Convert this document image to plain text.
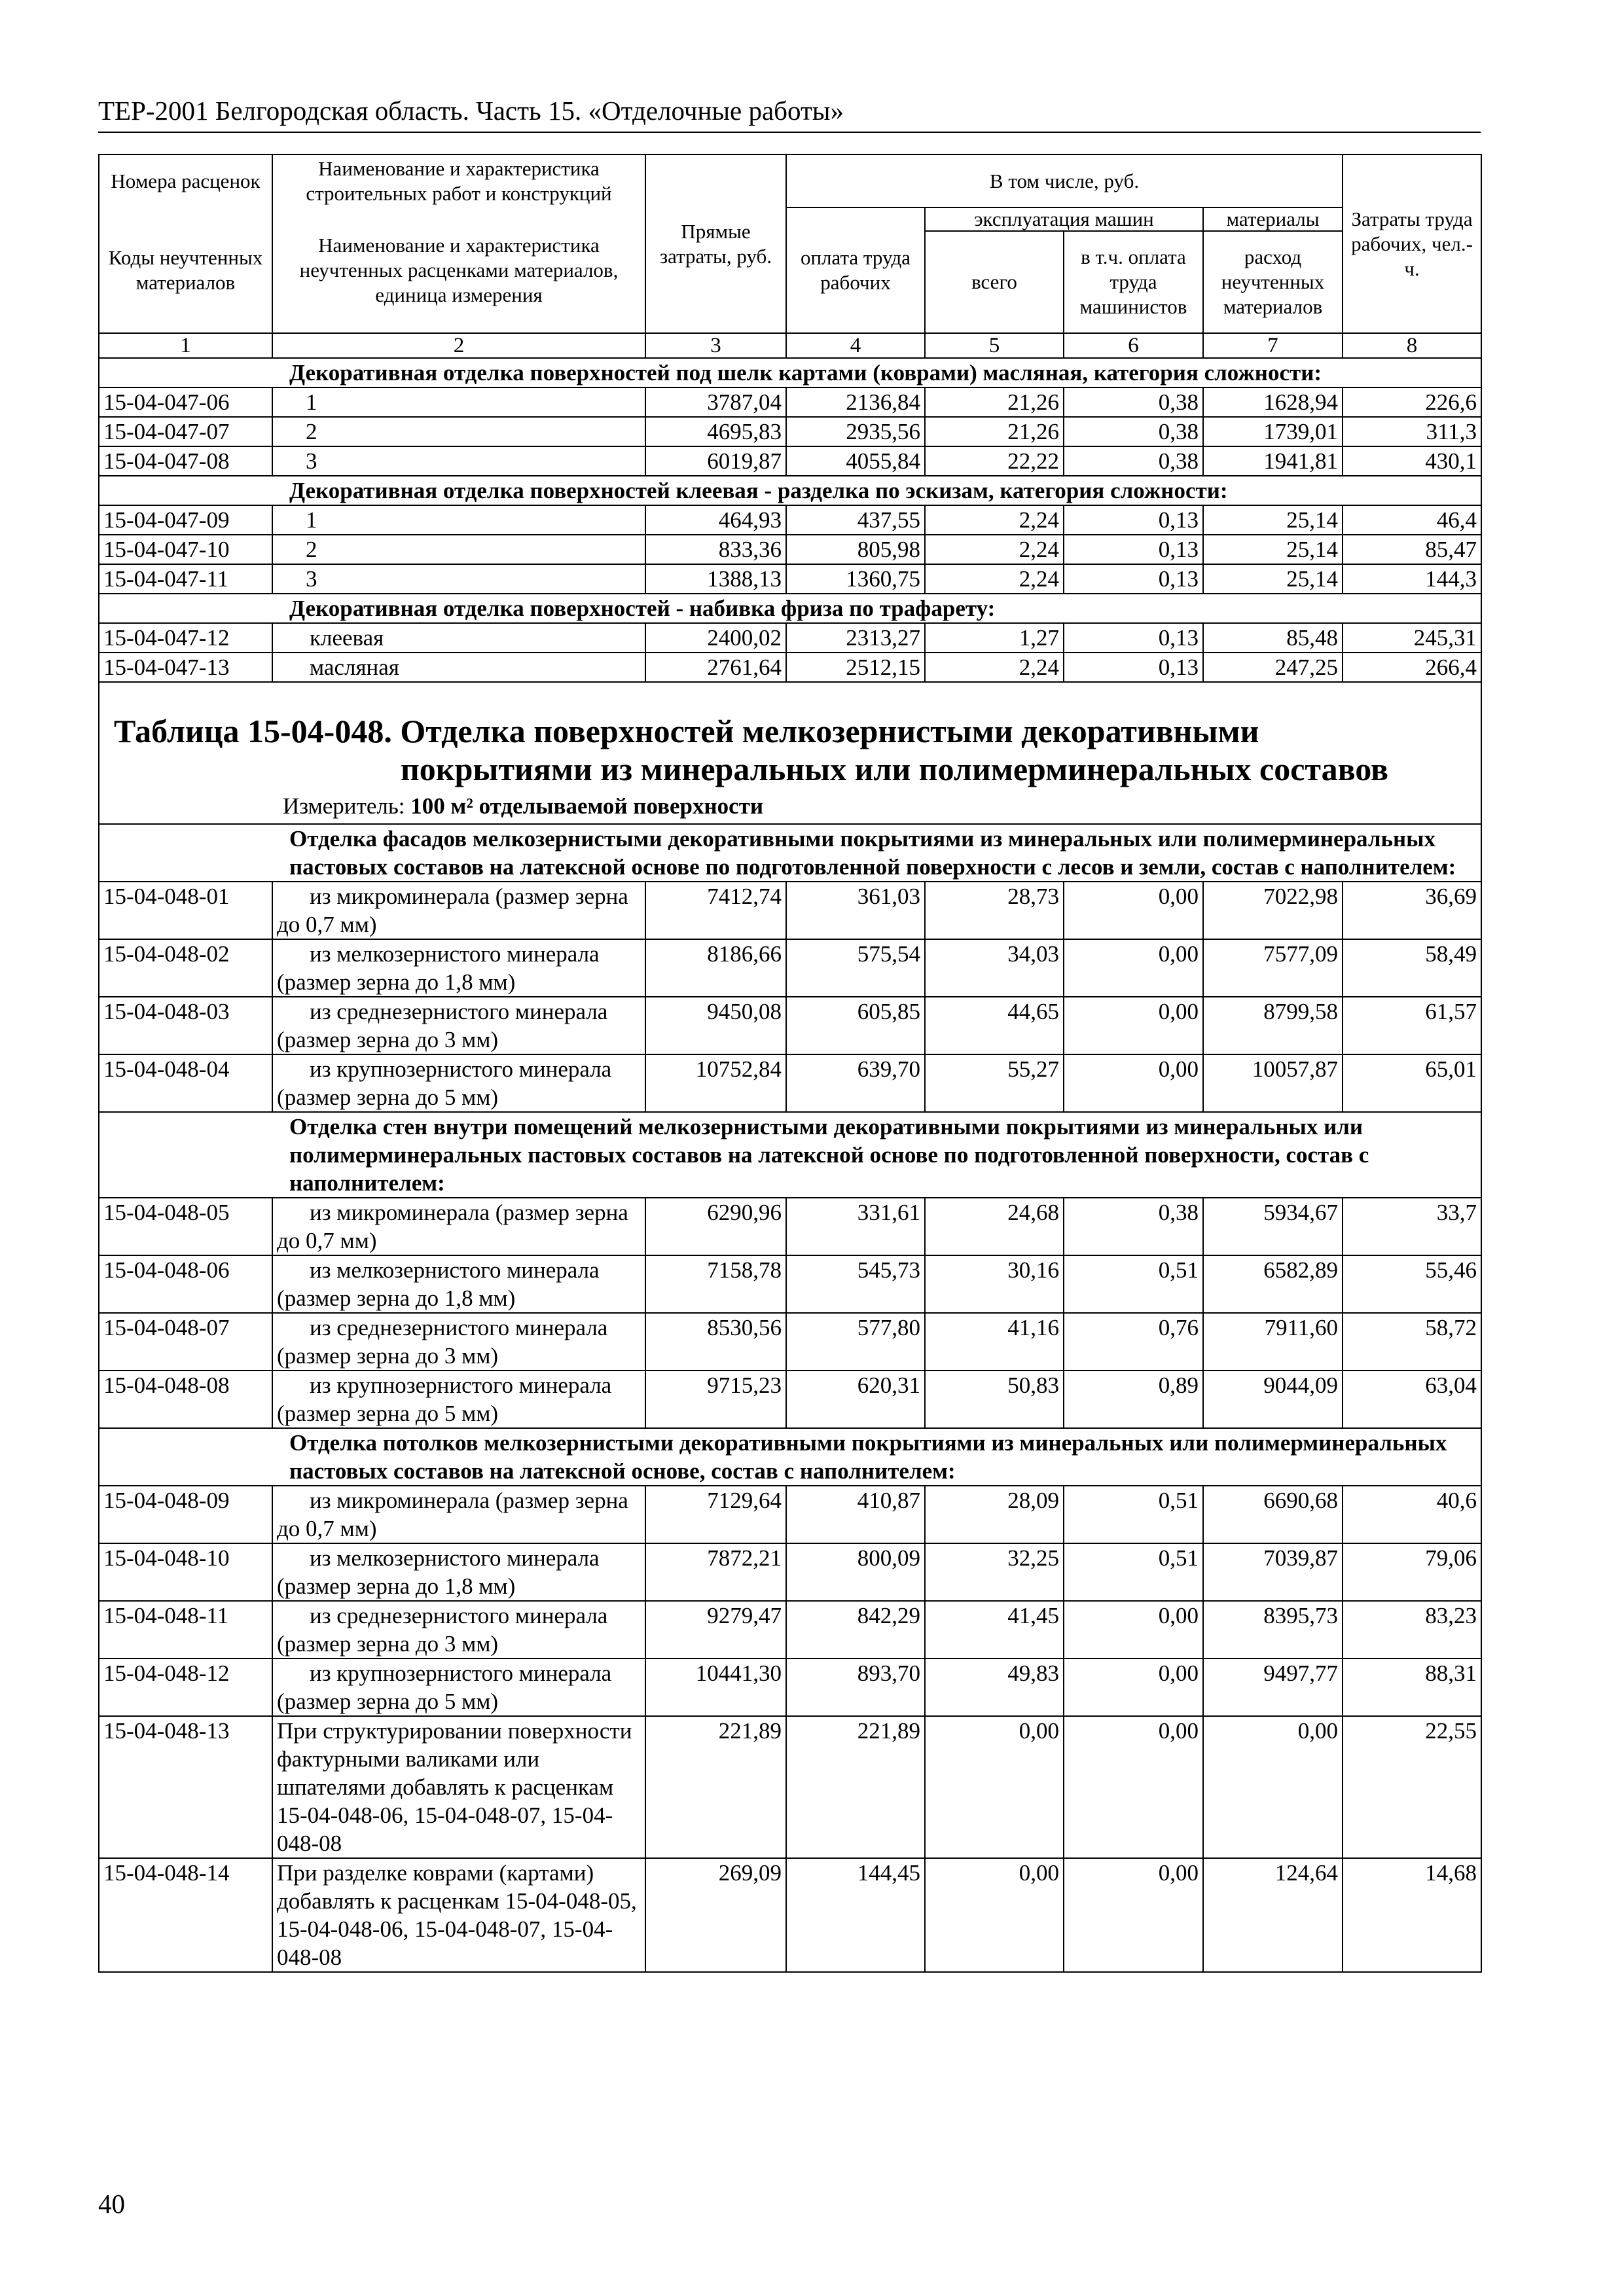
ТЕР-2001 Белгородская область. Часть 15. «Отделочные работы»
Номера расценок	Наименование и характеристика строительных работ и конструкций	Прямые затраты, руб.	В том числе, руб.				Затраты труда рабочих, чел.-ч.
Коды неучтенных материалов	Наименование и характеристика неучтенных расценками материалов, единица измерения		оплата труда рабочих	эксплуатация машин		материалы	
				всего	в т.ч. оплата труда машинистов	расход неучтенных материалов	
1	2	3	4	5	6	7	8
Декоративная отделка поверхностей под шелк картами (коврами) масляная, категория сложности:							
15-04-047-06	1	3787,04	2136,84	21,26	0,38	1628,94	226,6
15-04-047-07	2	4695,83	2935,56	21,26	0,38	1739,01	311,3
15-04-047-08	3	6019,87	4055,84	22,22	0,38	1941,81	430,1
Декоративная отделка поверхностей клеевая - разделка по эскизам, категория сложности:							
15-04-047-09	1	464,93	437,55	2,24	0,13	25,14	46,4
15-04-047-10	2	833,36	805,98	2,24	0,13	25,14	85,47
15-04-047-11	3	1388,13	1360,75	2,24	0,13	25,14	144,3
Декоративная отделка поверхностей - набивка фриза по трафарету:							
15-04-047-12	клеевая	2400,02	2313,27	1,27	0,13	85,48	245,31
15-04-047-13	масляная	2761,64	2512,15	2,24	0,13	247,25	266,4

Таблица 15-04-048. Отделка поверхностей мелкозернистыми декоративными
покрытиями из минеральных или полимерминеральных составов
Измеритель: 100 м² отделываемой поверхности							

Отделка фасадов мелкозернистыми декоративными покрытиями из минеральных или полимерминеральных пастовых составов на латексной основе по подготовленной поверхности с лесов и земли, состав с наполнителем:							
15-04-048-01	из микроминерала (размер зерна до 0,7 мм)	7412,74	361,03	28,73	0,00	7022,98	36,69
15-04-048-02	из мелкозернистого минерала (размер зерна до 1,8 мм)	8186,66	575,54	34,03	0,00	7577,09	58,49
15-04-048-03	из среднезернистого минерала (размер зерна до 3 мм)	9450,08	605,85	44,65	0,00	8799,58	61,57
15-04-048-04	из крупнозернистого минерала (размер зерна до 5 мм)	10752,84	639,70	55,27	0,00	10057,87	65,01
Отделка стен внутри помещений мелкозернистыми декоративными покрытиями из минеральных или полимерминеральных пастовых составов на латексной основе по подготовленной поверхности, состав с наполнителем:							
15-04-048-05	из микроминерала (размер зерна до 0,7 мм)	6290,96	331,61	24,68	0,38	5934,67	33,7
15-04-048-06	из мелкозернистого минерала (размер зерна до 1,8 мм)	7158,78	545,73	30,16	0,51	6582,89	55,46
15-04-048-07	из среднезернистого минерала (размер зерна до 3 мм)	8530,56	577,80	41,16	0,76	7911,60	58,72
15-04-048-08	из крупнозернистого минерала (размер зерна до 5 мм)	9715,23	620,31	50,83	0,89	9044,09	63,04
Отделка потолков мелкозернистыми декоративными покрытиями из минеральных или полимерминеральных пастовых составов на латексной основе, состав с наполнителем:							
15-04-048-09	из микроминерала (размер зерна до 0,7 мм)	7129,64	410,87	28,09	0,51	6690,68	40,6
15-04-048-10	из мелкозернистого минерала (размер зерна до 1,8 мм)	7872,21	800,09	32,25	0,51	7039,87	79,06
15-04-048-11	из среднезернистого минерала (размер зерна до 3 мм)	9279,47	842,29	41,45	0,00	8395,73	83,23
15-04-048-12	из крупнозернистого минерала (размер зерна до 5 мм)	10441,30	893,70	49,83	0,00	9497,77	88,31
15-04-048-13	При структурировании поверхности фактурными валиками или шпателями добавлять к расценкам 15-04-048-06, 15-04-048-07, 15-04-048-08	221,89	221,89	0,00	0,00	0,00	22,55
15-04-048-14	При разделке коврами (картами) добавлять к расценкам 15-04-048-05, 15-04-048-06, 15-04-048-07, 15-04-048-08	269,09	144,45	0,00	0,00	124,64	14,68
40
